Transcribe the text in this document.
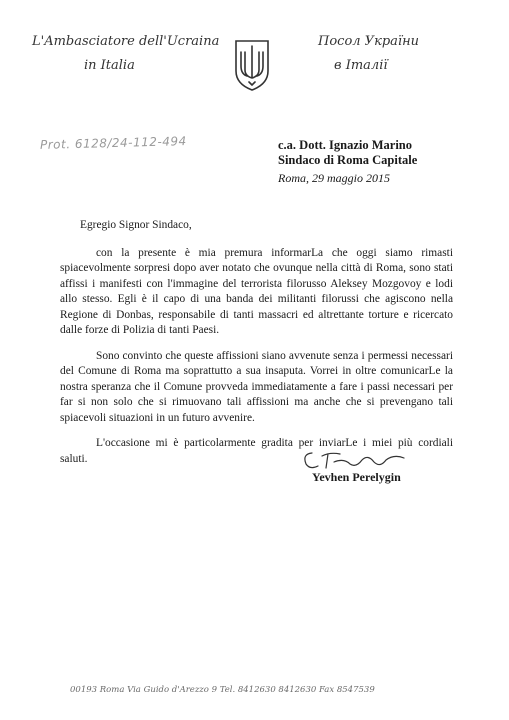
L'Ambasciatore dell'Ucraina
in Italia
Посол України
в Італії
Prot. 6128/24-112-494	c.a. Dott. Ignazio Marino
Sindaco di Roma Capitale
Roma, 29 maggio 2015

Egregio Signor Sindaco,

con la presente è mia premura informarLa che oggi siamo rimasti spiacevolmente sorpresi dopo aver notato che ovunque nella città di Roma, sono stati affissi i manifesti con l'immagine del terrorista filorusso Aleksey Mozgovoy e lodi allo stesso. Egli è il capo di una banda dei militanti filorussi che agiscono nella Regione di Donbas, responsabile di tanti massacri ed altrettante torture e ricercato dalle forze di Polizia di tanti Paesi.

Sono convinto che queste affissioni siano avvenute senza i permessi necessari del Comune di Roma ma soprattutto a sua insaputa. Vorrei in oltre comunicarLe la nostra speranza che il Comune provveda immediatamente a fare i passi necessari per far si non solo che si rimuovano tali affissioni ma anche che si prevengano tali spiacevoli situazioni in un futuro avvenire.

L'occasione mi è particolarmente gradita per inviarLe i miei più cordiali saluti.

Yevhen Perelygin
00193 Roma Via Guido d'Arezzo 9 Tel. 8412630 8412630 Fax 8547539
